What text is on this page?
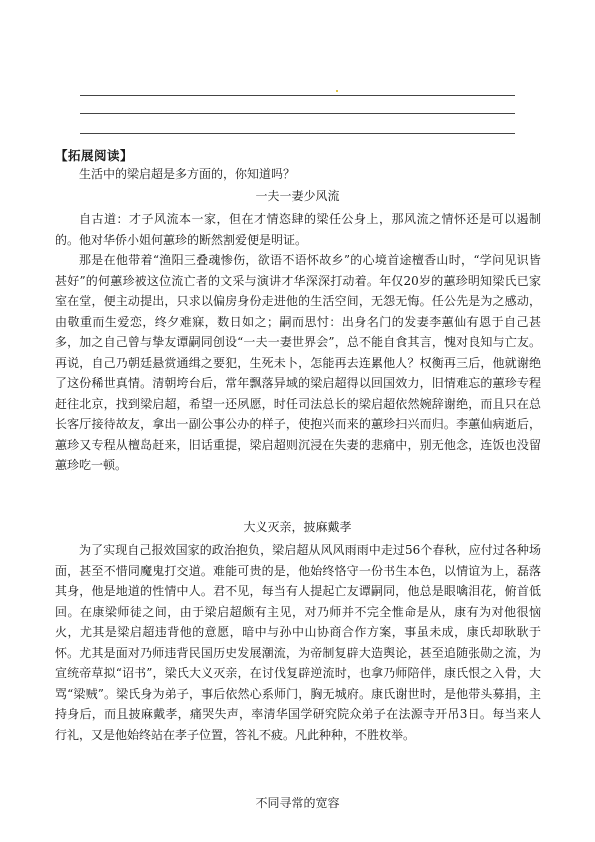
【拓展阅读】

生活中的梁启超是多方面的，你知道吗？

一夫一妻少风流

自古道：才子风流本一家，但在才情恣肆的梁任公身上，那风流之情怀还是可以遏制的。他对华侨小姐何蕙珍的断然割爱便是明证。

那是在他带着“渔阳三叠魂惨伤，欲语不语怀故乡”的心境首途檀香山时，“学问见识皆甚好”的何蕙珍被这位流亡者的文采与演讲才华深深打动着。年仅20岁的蕙珍明知梁氏已家室在堂，便主动提出，只求以偏房身份走进他的生活空间，无怨无悔。任公先是为之感动，由敬重而生爱恋，终夕难寐，数日如之；嗣而思忖：出身名门的发妻李蕙仙有恩于自己甚多，加之自己曾与挚友谭嗣同创设“一夫一妻世界会”，总不能自食其言，愧对良知与亡友。再说，自己乃朝廷悬赏通缉之要犯，生死未卜，怎能再去连累他人？权衡再三后，他就谢绝了这份稀世真情。清朝垮台后，常年飘落异域的梁启超得以回国效力，旧情难忘的蕙珍专程赶往北京，找到梁启超，希望一还夙愿，时任司法总长的梁启超依然婉辞谢绝，而且只在总长客厅接待故友，拿出一副公事公办的样子，使抱兴而来的蕙珍扫兴而归。李蕙仙病逝后，蕙珍又专程从檀岛赶来，旧话重提，梁启超则沉浸在失妻的悲痛中，别无他念，连饭也没留蕙珍吃一顿。

大义灭亲，披麻戴孝

为了实现自己报效国家的政治抱负，梁启超从风风雨雨中走过56个春秋，应付过各种场面，甚至不惜同魔鬼打交道。难能可贵的是，他始终恪守一份书生本色，以情谊为上，磊落其身，他是地道的性情中人。君不见，每当有人提起亡友谭嗣同，他总是眼噙泪花，俯首低回。在康梁师徒之间，由于梁启超颇有主见，对乃师并不完全惟命是从，康有为对他很恼火，尤其是梁启超违背他的意愿，暗中与孙中山协商合作方案，事虽未成，康氏却耿耿于怀。尤其是面对乃师违背民国历史发展潮流，为帝制复辟大造舆论，甚至追随张勋之流，为宣统帝草拟“诏书”，梁氏大义灭亲，在讨伐复辟逆流时，也拿乃师陪伴，康氏恨之入骨，大骂“梁贼”。梁氏身为弟子，事后依然心系师门，胸无城府。康氏谢世时，是他带头募捐，主持身后，而且披麻戴孝，痛哭失声，率清华国学研究院众弟子在法源寺开吊3日。每当来人行礼，又是他始终站在孝子位置，答礼不疲。凡此种种，不胜枚举。

不同寻常的宽容
